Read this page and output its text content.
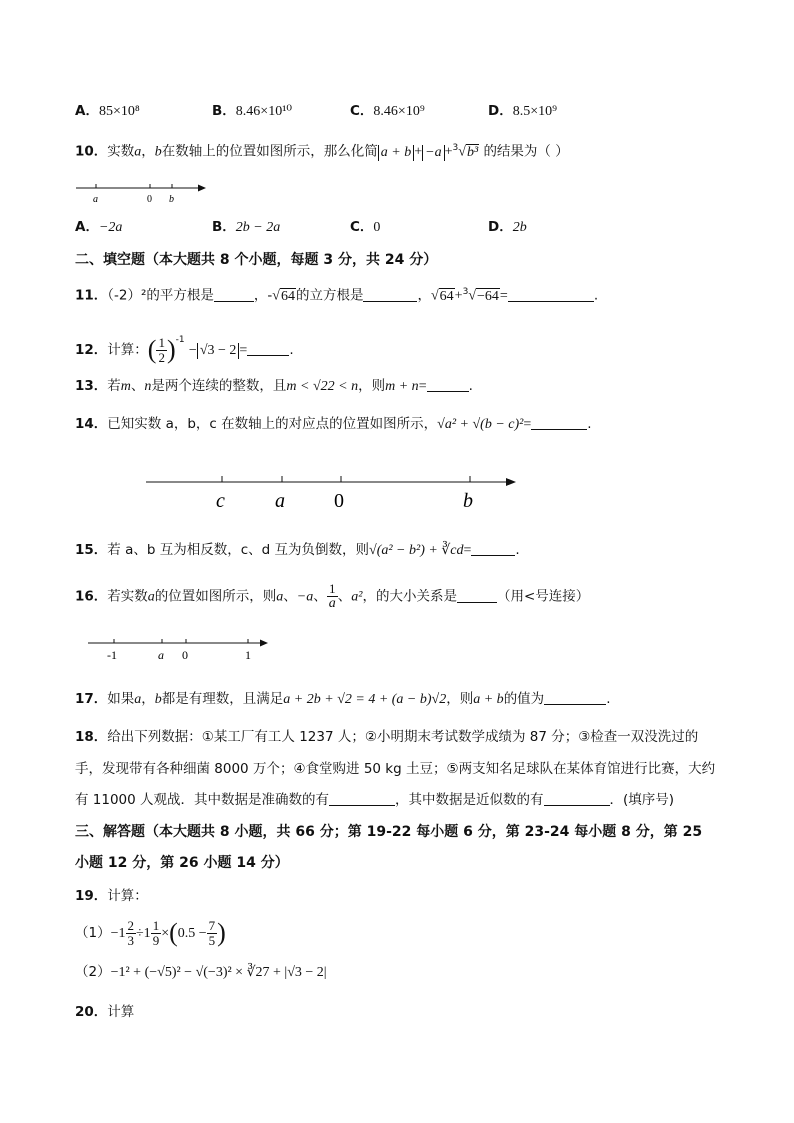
A．85×10⁸	B．8.46×10¹⁰	C．8.46×10⁹	D．8.5×10⁹
10．实数a，b在数轴上的位置如图所示，那么化简 a + b + −a +$^3$√b³ 的结果为（ ）
a	0 b
A．−2a	B．2b − 2a	C．0	D．2b
二、填空题（本大题共 8 个小题，每题 3 分，共 24 分）
11．（-2）²的平方根是	，-√64的立方根是	，√64+$^3$√−64=	.
12．计算：( $\frac{1}{2} )^{-1} - √3 - 2$ =	.
13．若m、n是两个连续的整数，且m < √22 < n，则m + n=	.
14．已知实数 a，b，c 在数轴上的对应点的位置如图所示，√a² + √(b − c)²=	.
c	a 0	b
15．若 a、b 互为相反数，c、d 互为负倒数，则√(a² − b²) + ∛cd=	.
16．若实数a的位置如图所示，则a、−a、 $\frac{1}{a}$ 、a²，的大小关系是	（用<号连接）
-1	a 0	1
17．如果a，b都是有理数，且满足a + 2b + √2 = 4 + (a − b)√2，则a + b的值为	.
18．给出下列数据：①某工厂有工人 1237 人；②小明期末考试数学成绩为 87 分；③检查一双没洗过的
手，发现带有各种细菌 8000 万个；④食堂购进 50 kg 土豆；⑤两支知名足球队在某体育馆进行比赛，大约
有 11000 人观战．其中数据是准确数的有	，其中数据是近似数的有	．(填序号)
三、解答题（本大题共 8 小题，共 66 分；第 19-22 每小题 6 分，第 23-24 每小题 8 分，第 25
小题 12 分，第 26 小题 14 分）
19．计算：
$(1)-1 \frac{2}{3} \div 1 \frac{1}{9} \times(0.5 - \frac{7}{5}$ )
（2）−1² + (−√5)² − √(−3)² × ∛27 + |√3 − 2|
20．计算
